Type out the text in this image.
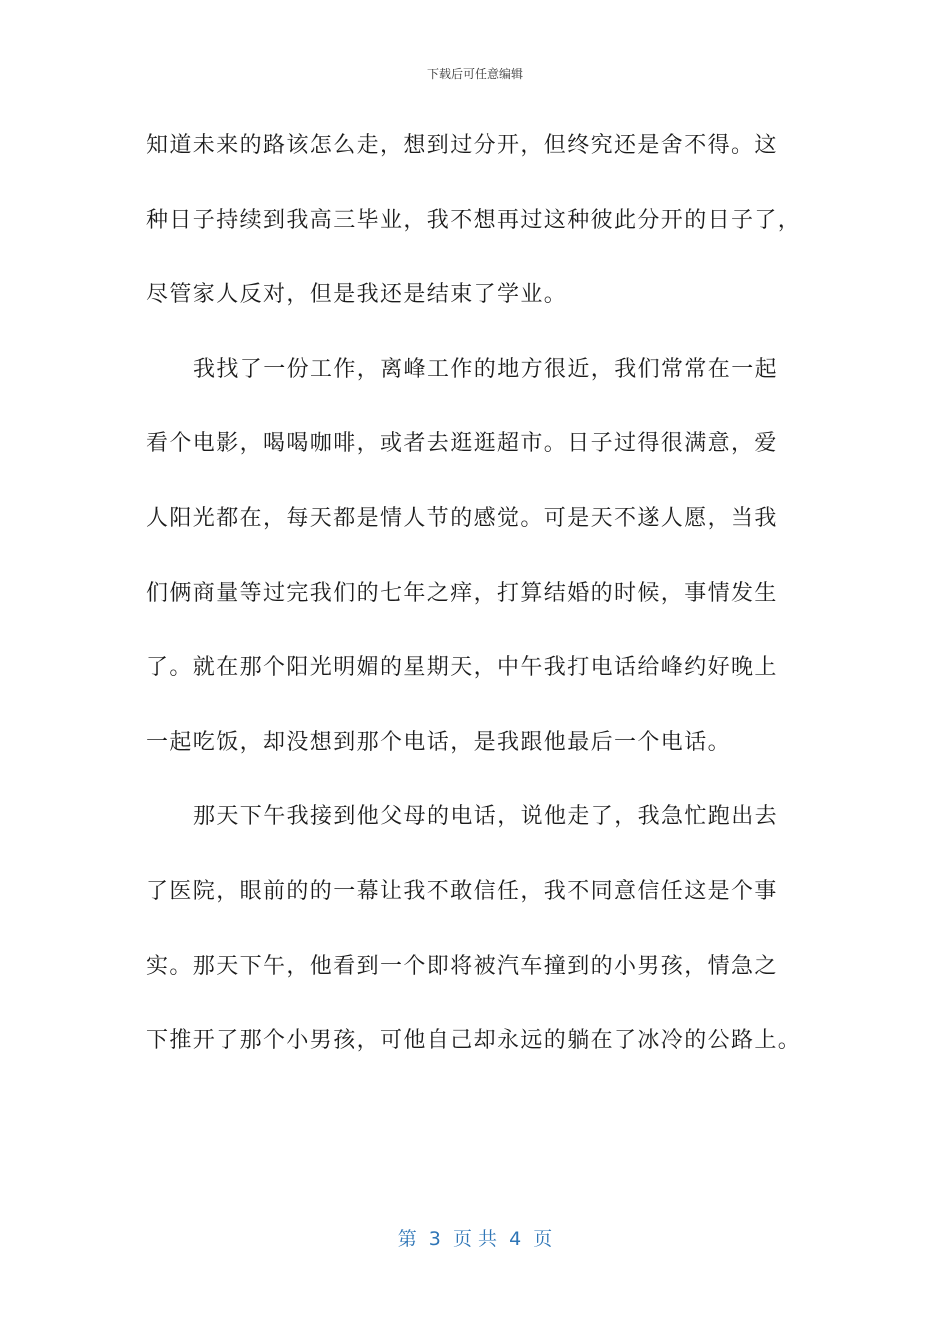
下载后可任意编辑
知道未来的路该怎么走，想到过分开，但终究还是舍不得。这
种日子持续到我高三毕业，我不想再过这种彼此分开的日子了，
尽管家人反对，但是我还是结束了学业。
我找了一份工作，离峰工作的地方很近，我们常常在一起
看个电影，喝喝咖啡，或者去逛逛超市。日子过得很满意，爱
人阳光都在，每天都是情人节的感觉。可是天不遂人愿，当我
们俩商量等过完我们的七年之痒，打算结婚的时候，事情发生
了。就在那个阳光明媚的星期天，中午我打电话给峰约好晚上
一起吃饭，却没想到那个电话，是我跟他最后一个电话。
那天下午我接到他父母的电话，说他走了，我急忙跑出去
了医院，眼前的的一幕让我不敢信任，我不同意信任这是个事
实。那天下午，他看到一个即将被汽车撞到的小男孩，情急之
下推开了那个小男孩，可他自己却永远的躺在了冰冷的公路上。
第  3  页 共  4  页
